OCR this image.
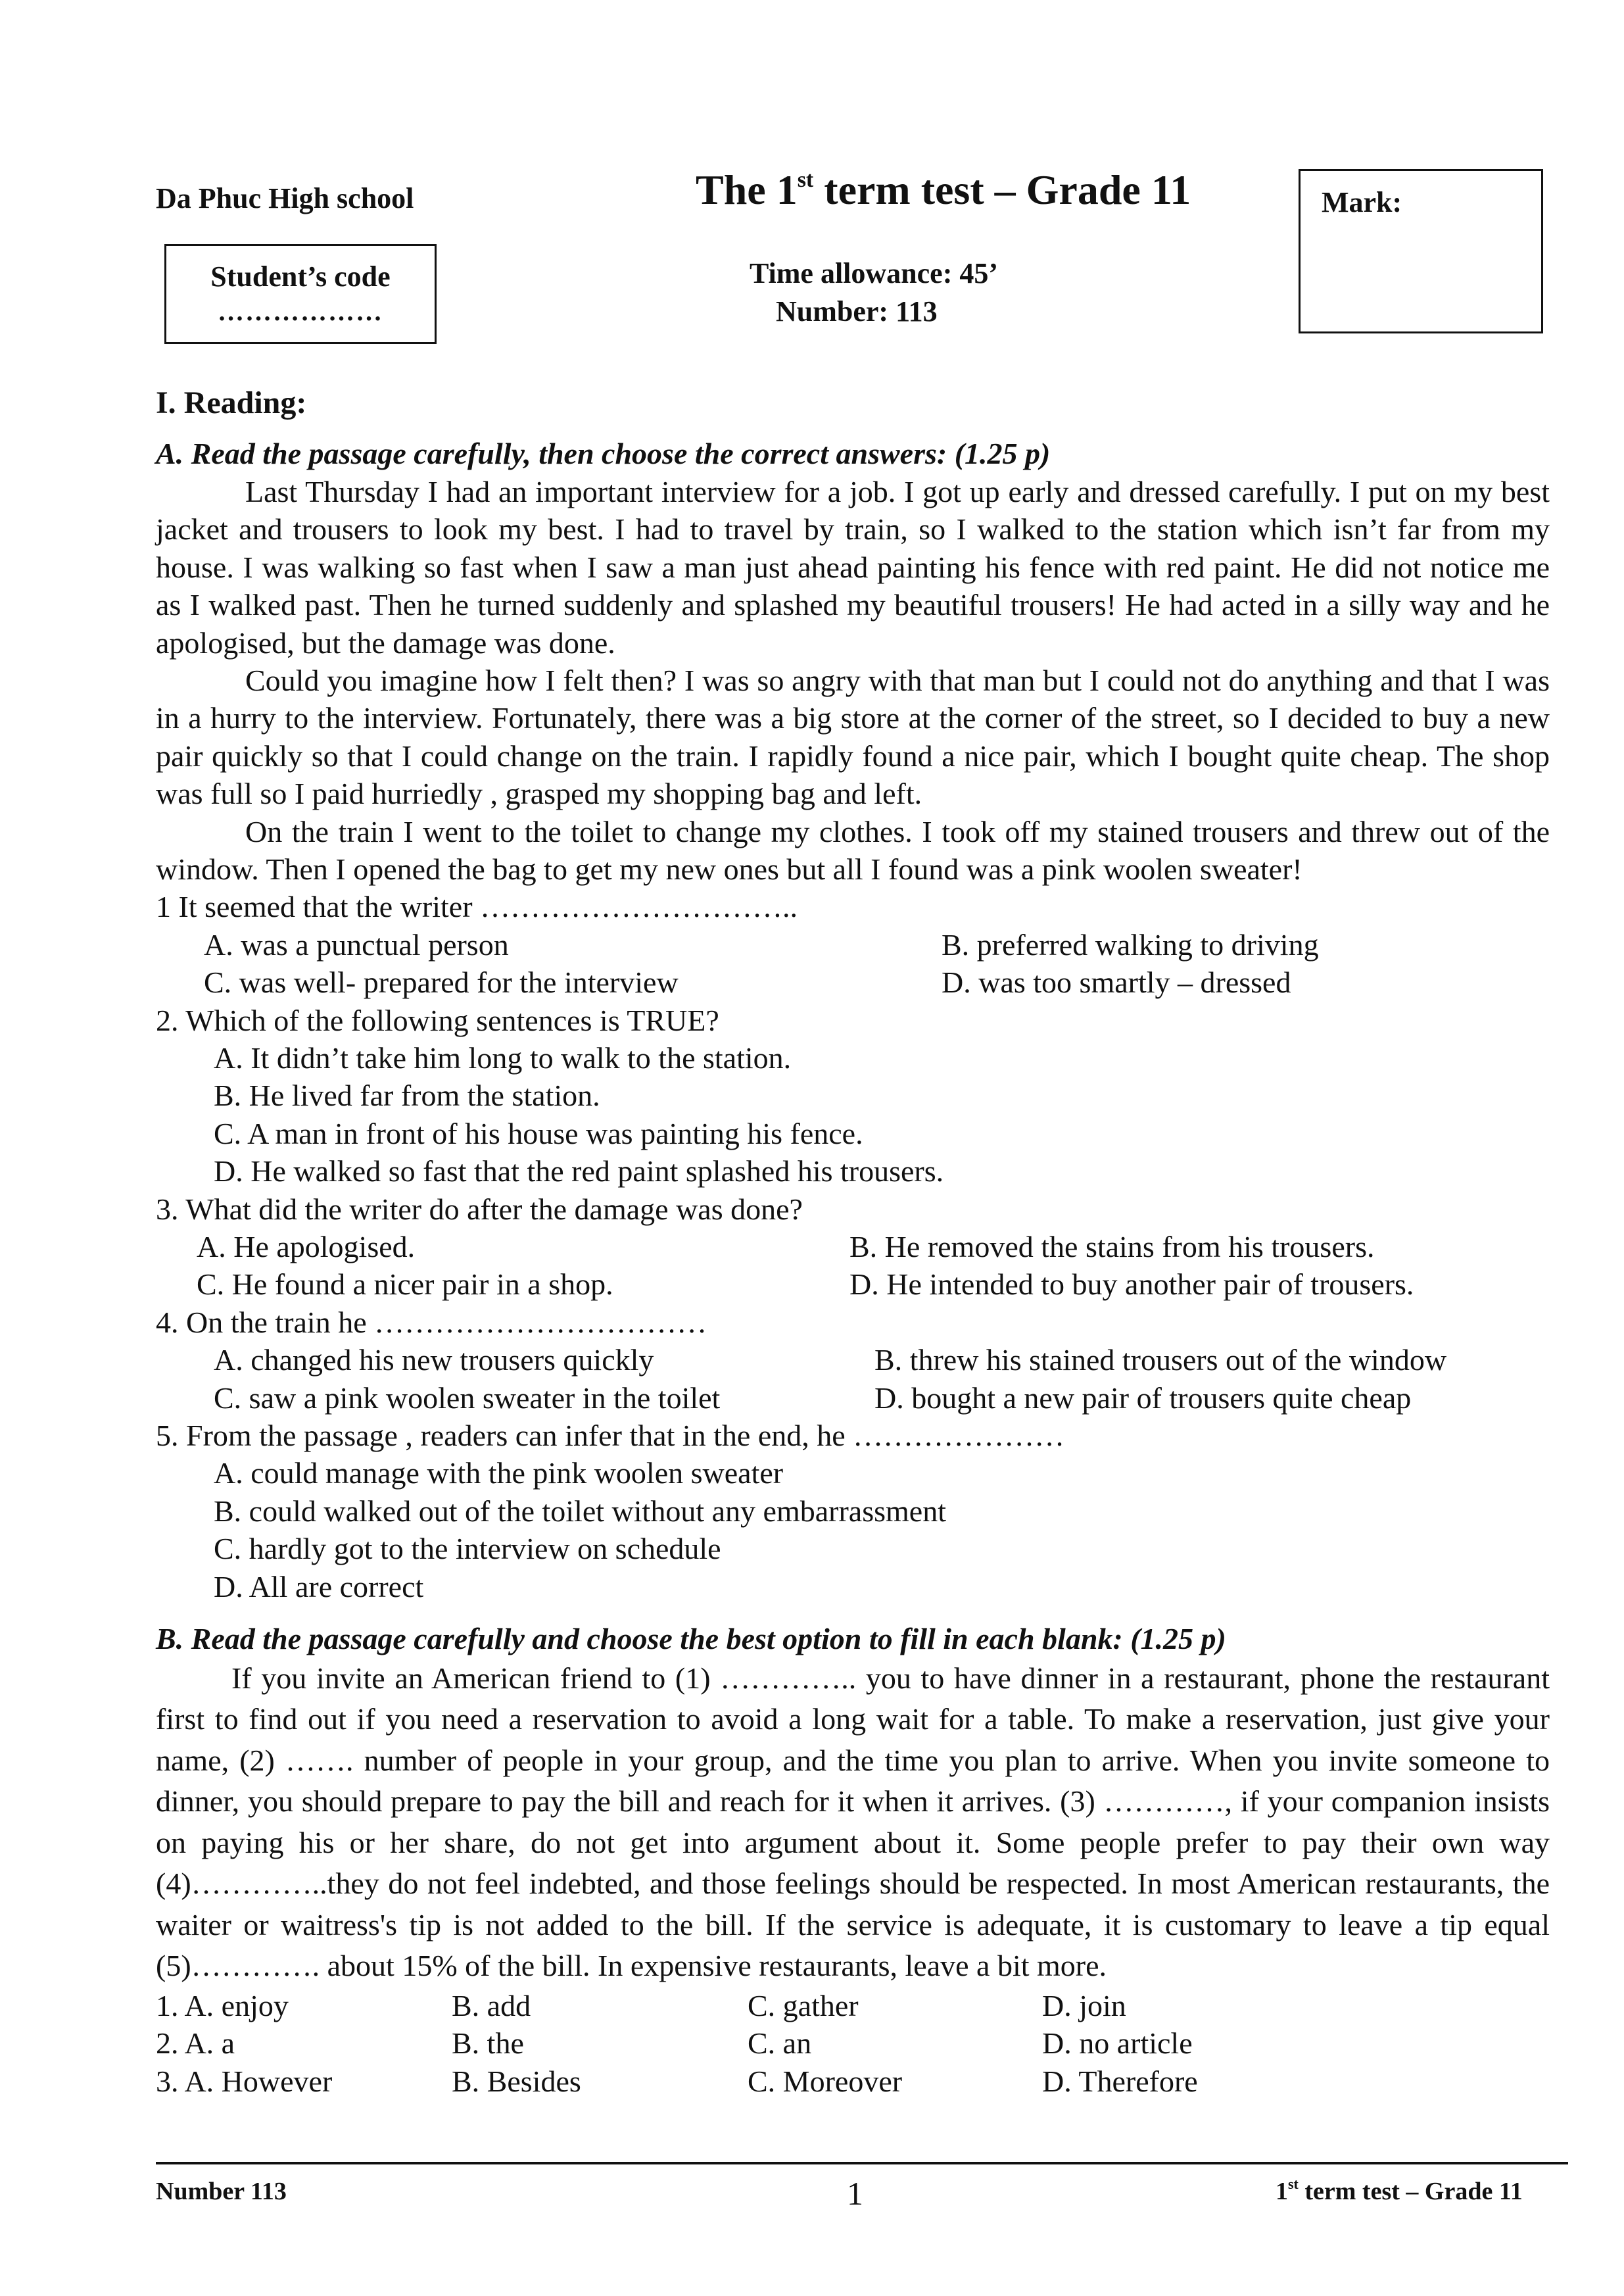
Da Phuc High school	The 1st term test – Grade 11	Mark:
Student’s code
………………
Time allowance: 45’
Number: 113
I. Reading:
A. Read the passage carefully, then choose the correct answers: (1.25 p)

Last Thursday I had an important interview for a job. I got up early and dressed carefully. I put on my best jacket and trousers to look my best. I had to travel by train, so I walked to the station which isn’t far from my house. I was walking so fast when I saw a man just ahead painting his fence with red paint. He did not notice me as I walked past. Then he turned suddenly and splashed my beautiful trousers! He had acted in a silly way and he apologised, but the damage was done.

Could you imagine how I felt then? I was so angry with that man but I could not do anything and that I was in a hurry to the interview. Fortunately, there was a big store at the corner of the street, so I decided to buy a new pair quickly so that I could change on the train. I rapidly found a nice pair, which I bought quite cheap. The shop was full so I paid hurriedly , grasped my shopping bag and left.

On the train I went to the toilet to change my clothes. I took off my stained trousers and threw out of the window. Then I opened the bag to get my new ones but all I found was a pink woolen sweater!

1 It seemed that the writer …………………………..
A. was a punctual person	B. preferred walking to driving
C. was well- prepared for the interview	D. was too smartly – dressed
2. Which of the following sentences is TRUE?
A. It didn’t take him long to walk to the station.
B. He lived far from the station.
C. A man in front of his house was painting his fence.
D. He walked so fast that the red paint splashed his trousers.
3. What did the writer do after the damage was done?
A. He apologised.	B. He removed the stains from his trousers.
C. He found a nicer pair in a shop.	D. He intended to buy another pair of trousers.
4. On the train he ……………………………
A. changed his new trousers quickly	B. threw his stained trousers out of the window
C. saw a pink woolen sweater in the toilet	D. bought a new pair of trousers quite cheap
5. From the passage , readers can infer that in the end, he …………………
A. could manage with the pink woolen sweater
B. could walked out of the toilet without any embarrassment
C. hardly got to the interview on schedule
D. All are correct
B. Read the passage carefully and choose the best option to fill in each blank: (1.25 p)

If you invite an American friend to (1) ………….. you to have dinner in a restaurant, phone the restaurant first to find out if you need a reservation to avoid a long wait for a table. To make a reservation, just give your name, (2) ……. number of people in your group, and the time you plan to arrive. When you invite someone to dinner, you should prepare to pay the bill and reach for it when it arrives. (3) …………, if your companion insists on paying his or her share, do not get into argument about it. Some people prefer to pay their own way (4)…………..they do not feel indebted, and those feelings should be respected. In most American restaurants, the waiter or waitress's tip is not added to the bill. If the service is adequate, it is customary to leave a tip equal (5)…………. about 15% of the bill. In expensive restaurants, leave a bit more.

1. A. enjoy	B. add	C. gather	D. join
2. A. a	B. the	C. an	D. no article
3. A. However	B. Besides	C. Moreover	D. Therefore
Number 113	1	1st term test – Grade 11
